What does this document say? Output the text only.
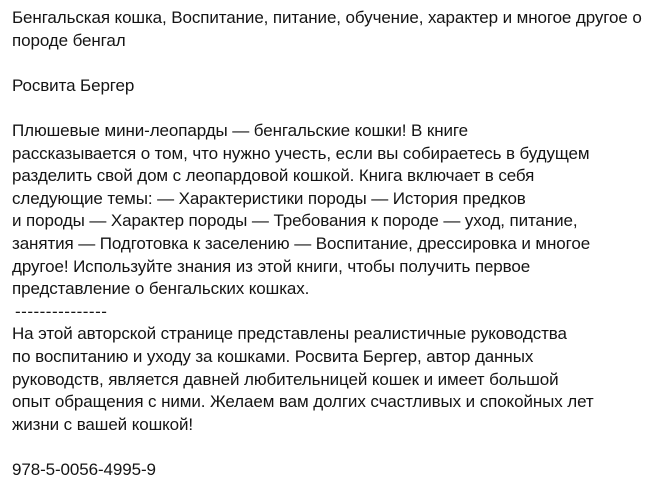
Бенгальская кошка, Воспитание, питание, обучение, характер и многое другое о породе бенгал

Росвита Бергер

Плюшевые мини-леопарды — бенгальские кошки! В книге
рассказывается о том, что нужно учесть, если вы собираетесь в будущем
разделить свой дом с леопардовой кошкой. Книга включает в себя
следующие темы: — Характеристики породы — История предков
и породы — Характер породы — Требования к породе — уход, питание,
занятия — Подготовка к заселению — Воспитание, дрессировка и многое
другое! Используйте знания из этой книги, чтобы получить первое
представление о бенгальских кошках.
---------------
На этой авторской странице представлены реалистичные руководства
по воспитанию и уходу за кошками. Росвита Бергер, автор данных
руководств, является давней любительницей кошек и имеет большой
опыт обращения с ними. Желаем вам долгих счастливых и спокойных лет
жизни с вашей кошкой!

978-5-0056-4995-9
